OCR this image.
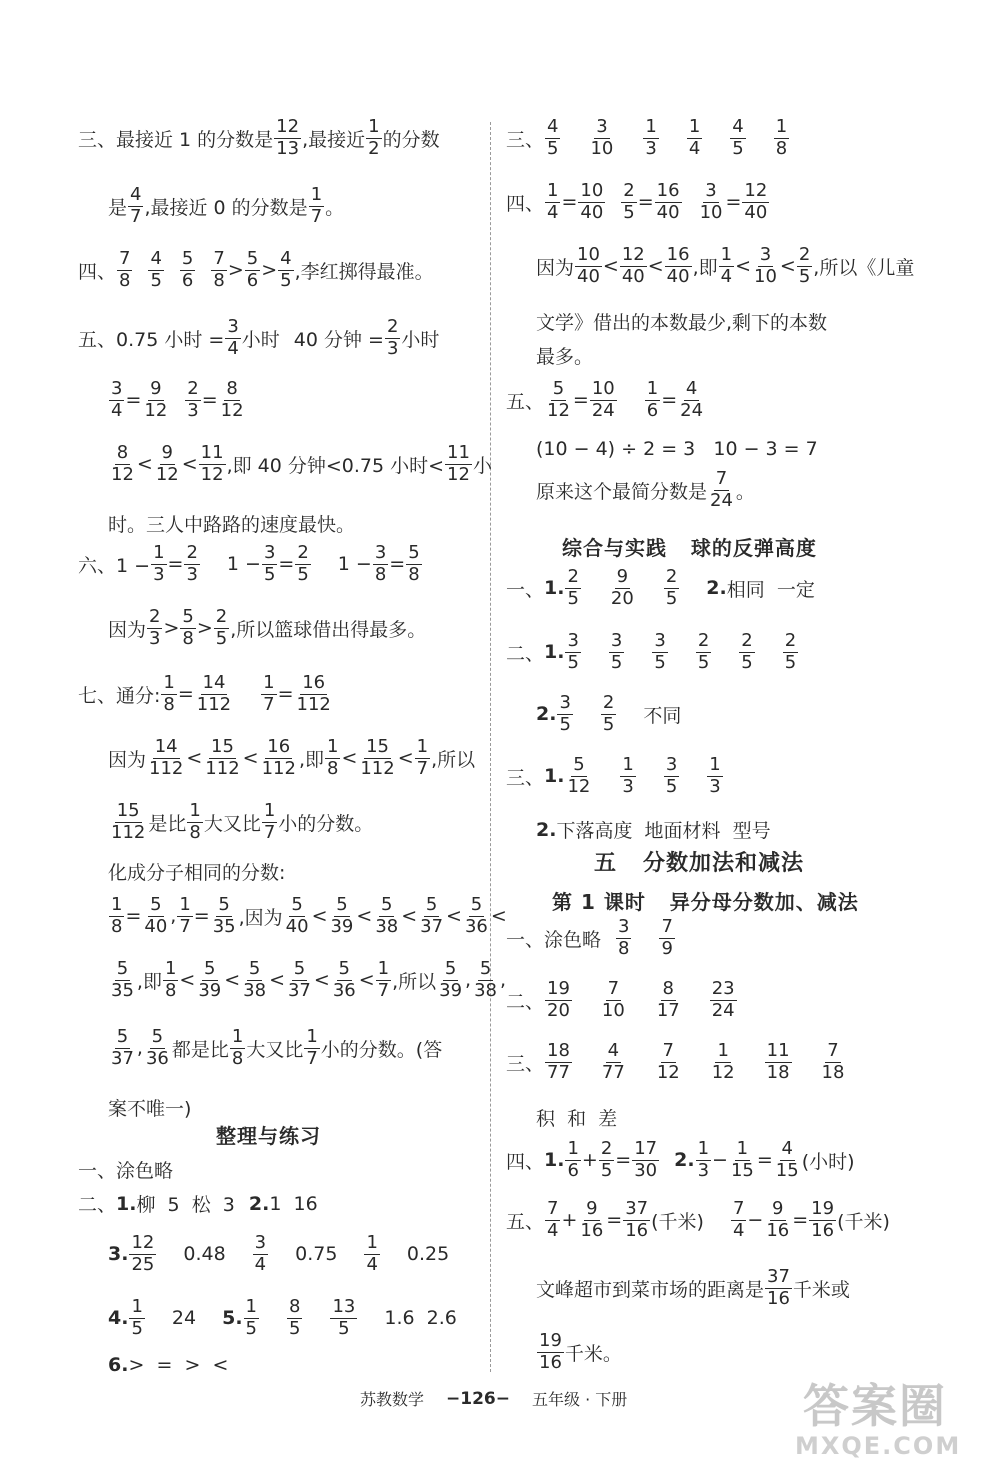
三、最接近 1 的分数是 $\frac{12}{13}$ ,最接近 $\frac{1}{2}$ 的分数
是 $\frac{4}{7}$ ,最接近 0 的分数是 $\frac{1}{7}$ 。
四、 $\frac{7}{8} \frac{4}{5} \frac{5}{6} \frac{7}{8} > \frac{5}{6} > \frac{4}{5}$ ,李红掷得最准。
五、0.75 小时 = $\frac{3}{4}$ 小时 40 分钟 = $\frac{2}{3}$ 小时
$\frac{3}{4} = \frac{9}{12} \frac{2}{3} = \frac{8}{12}$
$\frac{8}{12} < \frac{9}{12} < \frac{11}{12}$ ,即 40 分钟<0.75 小时< $\frac{11}{12}$ 小
时。三人中路路的速度最快。
六、$1 - \frac{1}{3} = \frac{2}{3} 1 - \frac{3}{5} = \frac{2}{5} 1 - \frac{3}{8} = \frac{5}{8}$
因为 $\frac{2}{3} > \frac{5}{8} > \frac{2}{5}$ ,所以篮球借出得最多。
七、通分: $\frac{1}{8} = \frac{14}{112} \frac{1}{7} = \frac{16}{112}$
因为 $\frac{14}{112} < \frac{15}{112} < \frac{16}{112}$ ,即 $\frac{1}{8} < \frac{15}{112} < \frac{1}{7}$ ,所以
$\frac{15}{112}$ 是比 $\frac{1}{8}$ 大又比 $\frac{1}{7}$ 小的分数。
化成分子相同的分数:
$\frac{1}{8} = \frac{5}{40}$ , $\frac{1}{7} = \frac{5}{35}$ ,因为 $\frac{5}{40} < \frac{5}{39} < \frac{5}{38} < \frac{5}{37} < \frac{5}{36}$ <
$\frac{5}{35}$ ,即 $\frac{1}{8} < \frac{5}{39} < \frac{5}{38} < \frac{5}{37} < \frac{5}{36} < \frac{1}{7}$ ,所以 $\frac{5}{39}$ , $\frac{5}{38}$ ,
$\frac{5}{37}$ , $\frac{5}{36}$ 都是比 $\frac{1}{8}$ 大又比 $\frac{1}{7}$ 小的分数。(答
案不唯一)
整理与练习
一、涂色略
二、 1. 柳  5  松  3 2. 1  16
3. $\frac{12}{25} 0.48 \frac{3}{4} 0.75 \frac{1}{4} 0.25$
4. $\frac{1}{5} 24$ 5. $\frac{1}{5} \frac{8}{5} \frac{13}{5} 1.6$  2.6
6. >  =  >  <
三、 $\frac{4}{5} \frac{3}{10} \frac{1}{3} \frac{1}{4} \frac{4}{5} \frac{1}{8}$
四、 $\frac{1}{4} = \frac{10}{40} \frac{2}{5} = \frac{16}{40} \frac{3}{10} = \frac{12}{40}$
因为 $\frac{10}{40} < \frac{12}{40} < \frac{16}{40}$ ,即 $\frac{1}{4} < \frac{3}{10} < \frac{2}{5}$ ,所以《儿童
文学》借出的本数最少,剩下的本数
最多。
五、 $\frac{5}{12} = \frac{10}{24} \frac{1}{6} = \frac{4}{24}$
(10 − 4) ÷ 2 = 3   10 − 3 = 7
原来这个最简分数是 $\frac{7}{24}$ 。
综合与实践   球的反弹高度
一、 1. $\frac{2}{5} \frac{9}{20} \frac{2}{5} 2$. 相同  一定
二、 1. $\frac{3}{5} \frac{3}{5} \frac{3}{5} \frac{2}{5} \frac{2}{5} \frac{2}{5}$
2. $\frac{3}{5} \frac{2}{5}$ 不同
三、 1. $\frac{5}{12} \frac{1}{3} \frac{3}{5} \frac{1}{3}$
2. 下落高度  地面材料  型号
五   分数加法和减法
第 1 课时   异分母分数加、减法
一、涂色略 $\frac{3}{8} \frac{7}{9}$
二、 $\frac{19}{20} \frac{7}{10} \frac{8}{17} \frac{23}{24}$
三、 $\frac{18}{77} \frac{4}{77} \frac{7}{12} \frac{1}{12} \frac{11}{18} \frac{7}{18}$
积  和  差
四、 1. $\frac{1}{6} + \frac{2}{5} = \frac{17}{30} 2$. $\frac{1}{3} - \frac{1}{15} = \frac{4}{15}$ (小时)
五、 $\frac{7}{4} + \frac{9}{16} = \frac{37}{16}$ (千米) $\frac{7}{4} - \frac{9}{16} = \frac{19}{16}$ (千米)
文峰超市到菜市场的距离是 $\frac{37}{16}$ 千米或
$\frac{19}{16}$ 千米。
苏教数学 −126− 五年级 · 下册	答案圈
MXQE.COM
